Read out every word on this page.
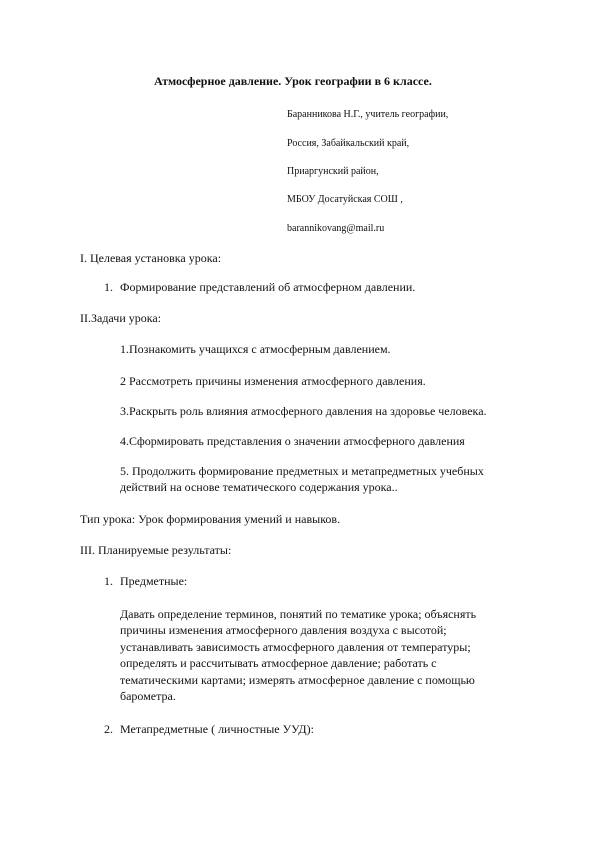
Атмосферное давление. Урок географии в 6 классе.
Баранникова Н.Г., учитель географии,
Россия, Забайкальский край,
Приаргунский район,
МБОУ Досатуйская СОШ ,
barannikovang@mail.ru
I. Целевая установка урока:
1. Формирование представлений об атмосферном давлении.
II.Задачи урока:
1.Познакомить учащихся с атмосферным давлением.
2 Рассмотреть причины изменения атмосферного давления.
3.Раскрыть роль влияния атмосферного давления на здоровье человека.
4.Сформировать представления о значении атмосферного давления
5. Продолжить формирование предметных и метапредметных учебных
действий на основе тематического содержания урока..
Тип урока: Урок формирования умений и навыков.
III. Планируемые результаты:
1. Предметные:
Давать определение терминов, понятий по тематике урока; объяснять
причины изменения атмосферного давления воздуха с высотой;
устанавливать зависимость атмосферного давления от температуры;
определять и рассчитывать атмосферное давление; работать с
тематическими картами; измерять атмосферное давление с помощью
барометра.
2. Метапредметные ( личностные УУД):
